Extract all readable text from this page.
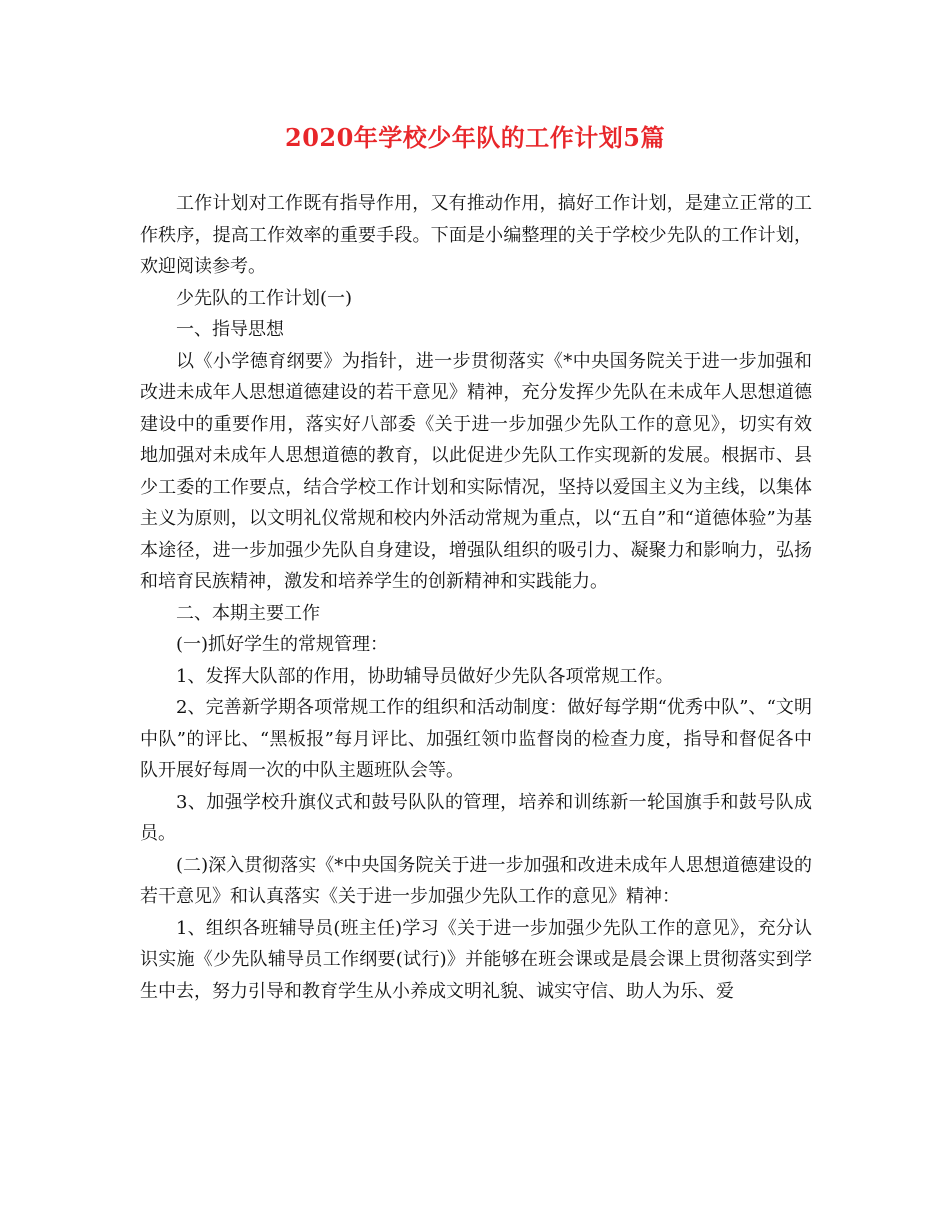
2020年学校少年队的工作计划5篇

工作计划对工作既有指导作用，又有推动作用，搞好工作计划，是建立正常的工作秩序，提高工作效率的重要手段。下面是小编整理的关于学校少先队的工作计划，欢迎阅读参考。

少先队的工作计划(一)

一、指导思想

以《小学德育纲要》为指针，进一步贯彻落实《*中央国务院关于进一步加强和改进未成年人思想道德建设的若干意见》精神，充分发挥少先队在未成年人思想道德建设中的重要作用，落实好八部委《关于进一步加强少先队工作的意见》，切实有效地加强对未成年人思想道德的教育，以此促进少先队工作实现新的发展。根据市、县少工委的工作要点，结合学校工作计划和实际情况，坚持以爱国主义为主线，以集体主义为原则，以文明礼仪常规和校内外活动常规为重点，以“五自”和“道德体验”为基本途径，进一步加强少先队自身建设，增强队组织的吸引力、凝聚力和影响力，弘扬和培育民族精神，激发和培养学生的创新精神和实践能力。

二、本期主要工作

(一)抓好学生的常规管理：

1、发挥大队部的作用，协助辅导员做好少先队各项常规工作。

2、完善新学期各项常规工作的组织和活动制度：做好每学期“优秀中队”、“文明中队”的评比、“黑板报”每月评比、加强红领巾监督岗的检查力度，指导和督促各中队开展好每周一次的中队主题班队会等。

3、加强学校升旗仪式和鼓号队队的管理，培养和训练新一轮国旗手和鼓号队成员。

(二)深入贯彻落实《*中央国务院关于进一步加强和改进未成年人思想道德建设的若干意见》和认真落实《关于进一步加强少先队工作的意见》精神：

1、组织各班辅导员(班主任)学习《关于进一步加强少先队工作的意见》，充分认识实施《少先队辅导员工作纲要(试行)》并能够在班会课或是晨会课上贯彻落实到学生中去，努力引导和教育学生从小养成文明礼貌、诚实守信、助人为乐、爱
